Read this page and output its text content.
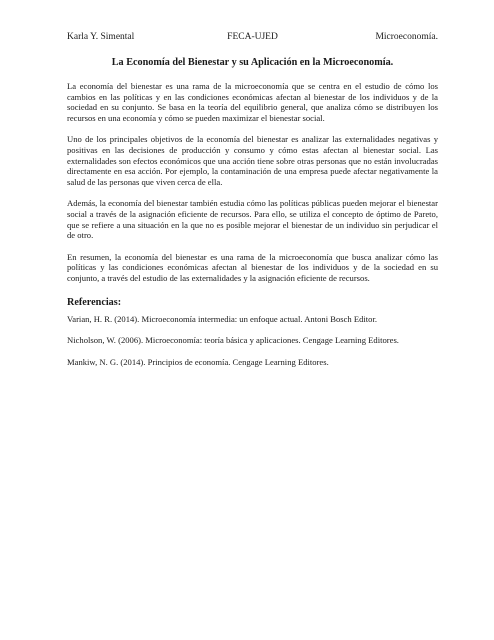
Karla Y. Simental	FECA-UJED	Microeconomía.
La Economía del Bienestar y su Aplicación en la Microeconomía.

La economía del bienestar es una rama de la microeconomía que se centra en el estudio de cómo los cambios en las políticas y en las condiciones económicas afectan al bienestar de los individuos y de la sociedad en su conjunto. Se basa en la teoría del equilibrio general, que analiza cómo se distribuyen los recursos en una economía y cómo se pueden maximizar el bienestar social.

Uno de los principales objetivos de la economía del bienestar es analizar las externalidades negativas y positivas en las decisiones de producción y consumo y cómo estas afectan al bienestar social. Las externalidades son efectos económicos que una acción tiene sobre otras personas que no están involucradas directamente en esa acción. Por ejemplo, la contaminación de una empresa puede afectar negativamente la salud de las personas que viven cerca de ella.

Además, la economía del bienestar también estudia cómo las políticas públicas pueden mejorar el bienestar social a través de la asignación eficiente de recursos. Para ello, se utiliza el concepto de óptimo de Pareto, que se refiere a una situación en la que no es posible mejorar el bienestar de un individuo sin perjudicar el de otro.

En resumen, la economía del bienestar es una rama de la microeconomía que busca analizar cómo las políticas y las condiciones económicas afectan al bienestar de los individuos y de la sociedad en su conjunto, a través del estudio de las externalidades y la asignación eficiente de recursos.

Referencias:

Varian, H. R. (2014). Microeconomía intermedia: un enfoque actual. Antoni Bosch Editor.

Nicholson, W. (2006). Microeconomía: teoría básica y aplicaciones. Cengage Learning Editores.

Mankiw, N. G. (2014). Principios de economía. Cengage Learning Editores.
